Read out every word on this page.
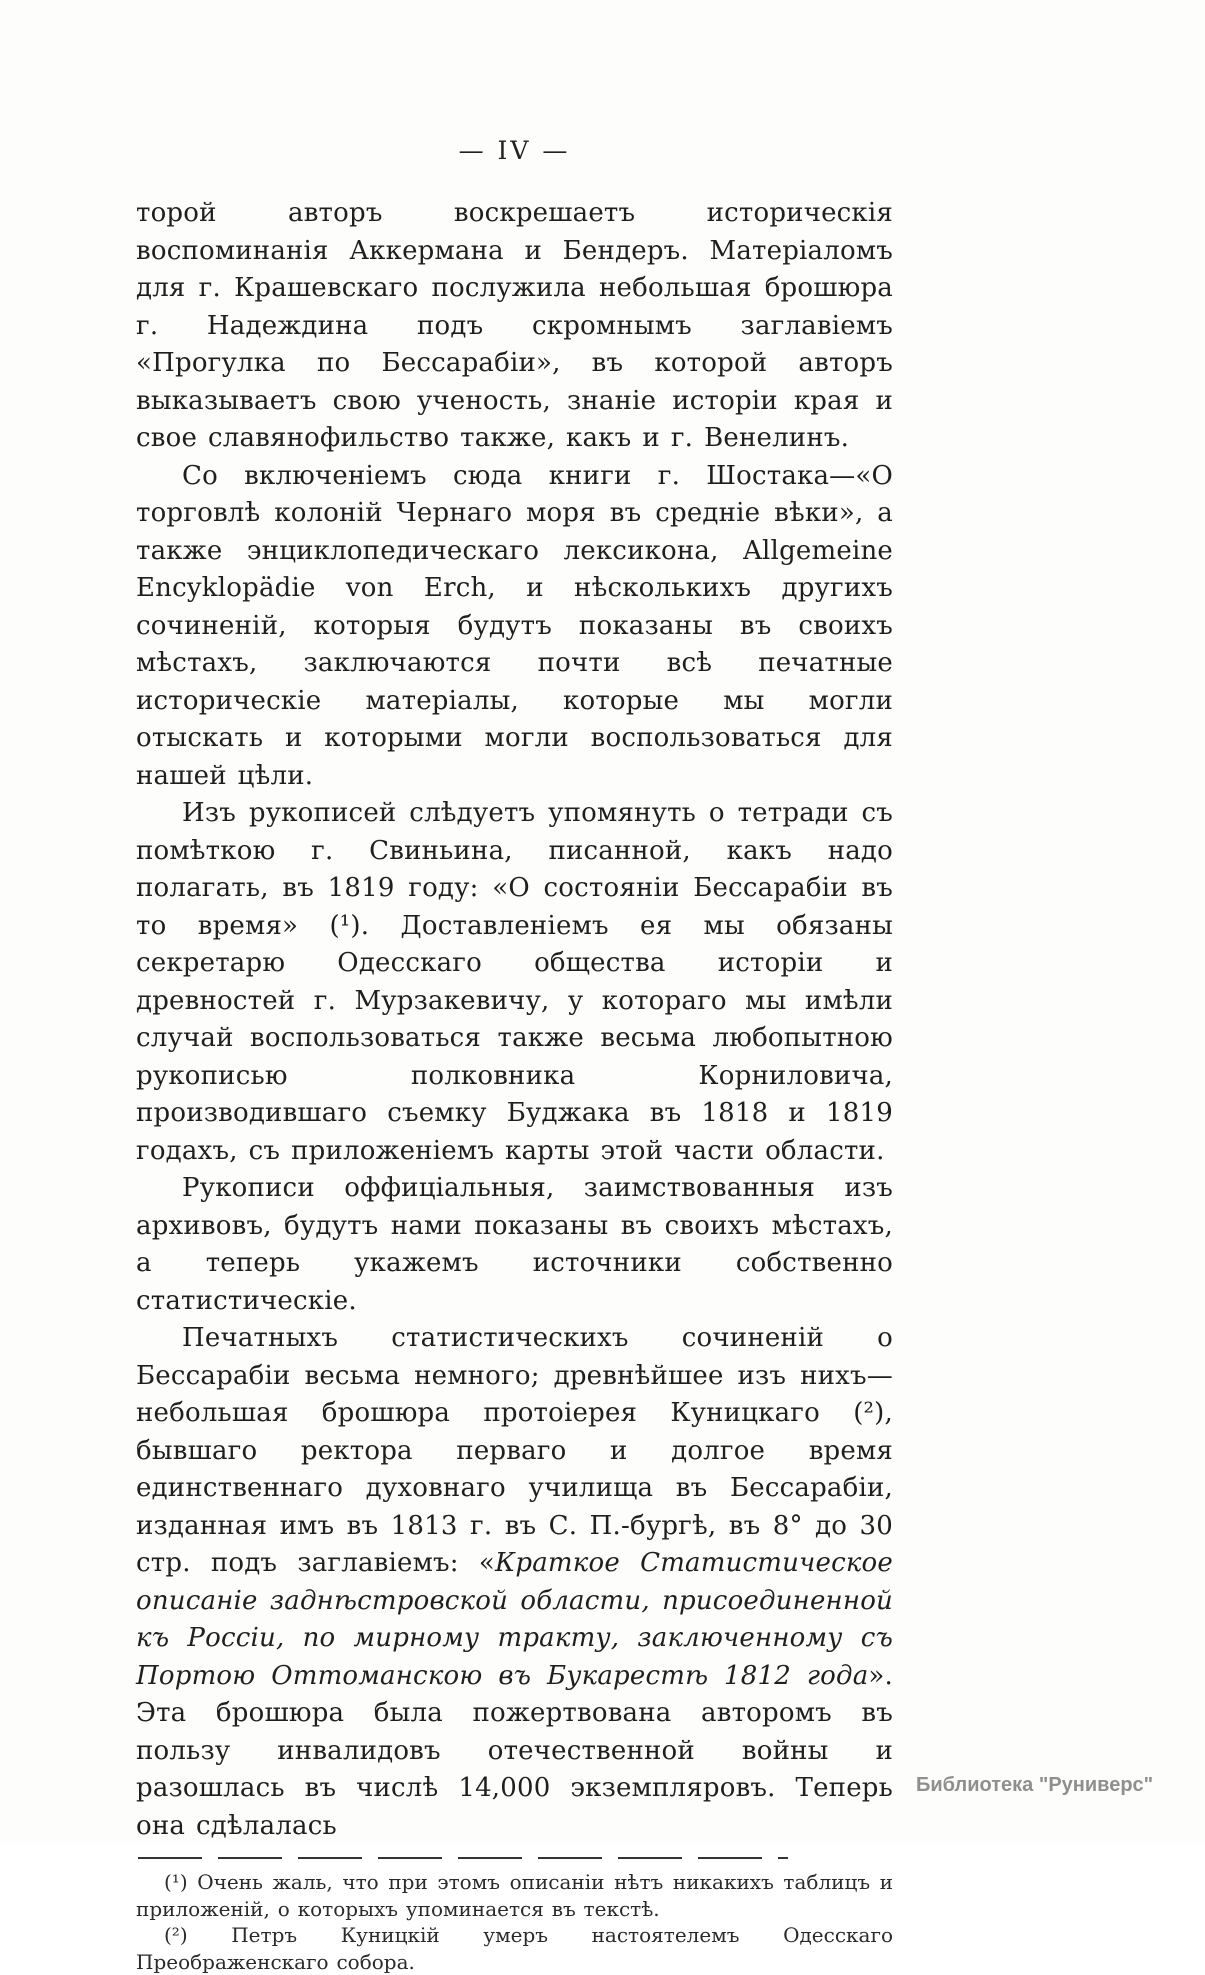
— IV —

торой авторъ воскрешаетъ историческія воспоминанія Аккермана и Бендеръ. Матеріаломъ для г. Крашевскаго послужила небольшая брошюра г. Надеждина подъ скромнымъ заглавіемъ «Прогулка по Бессарабіи», въ которой авторъ выказываетъ свою ученость, знаніе исторіи края и свое славянофильство также, какъ и г. Венелинъ.

Со включеніемъ сюда книги г. Шостака—«О торговлѣ колоній Чернаго моря въ средніе вѣки», а также энциклопедическаго лексикона, Allgemeine Encyklopädie von Erch, и нѣсколькихъ другихъ сочиненій, которыя будутъ показаны въ своихъ мѣстахъ, заключаются почти всѣ печатные историческіе матеріалы, которые мы могли отыскать и которыми могли воспользоваться для нашей цѣли.

Изъ рукописей слѣдуетъ упомянуть о тетради съ помѣткою г. Свиньина, писанной, какъ надо полагать, въ 1819 году: «О состояніи Бессарабіи въ то время» (¹). Доставленіемъ ея мы обязаны секретарю Одесскаго общества исторіи и древностей г. Мурзакевичу, у котораго мы имѣли случай воспользоваться также весьма любопытною рукописью полковника Корниловича, производившаго съемку Буджака въ 1818 и 1819 годахъ, съ приложеніемъ карты этой части области.

Рукописи оффиціальныя, заимствованныя изъ архивовъ, будутъ нами показаны въ своихъ мѣстахъ, а теперь укажемъ источники собственно статистическіе.

Печатныхъ статистическихъ сочиненій о Бессарабіи весьма немного; древнѣйшее изъ нихъ—небольшая брошюра протоіерея Куницкаго (²), бывшаго ректора перваго и долгое время единственнаго духовнаго училища въ Бессарабіи, изданная имъ въ 1813 г. въ С. П.-бургѣ, въ 8° до 30 стр. подъ заглавіемъ: «Краткое Статистическое описаніе заднѣстровской области, присоединенной къ Россіи, по мирному тракту, заключенному съ Портою Оттоманскою въ Букарестѣ 1812 года». Эта брошюра была пожертвована авторомъ въ пользу инвалидовъ отечественной войны и разошлась въ числѣ 14,000 экземпляровъ. Теперь она сдѣлалась

(¹) Очень жаль, что при этомъ описаніи нѣтъ никакихъ таблицъ и приложеній, о которыхъ упоминается въ текстѣ.

(²) Петръ Куницкій умеръ настоятелемъ Одесскаго Преображенскаго собора.

Библиотека "Руниверс"
